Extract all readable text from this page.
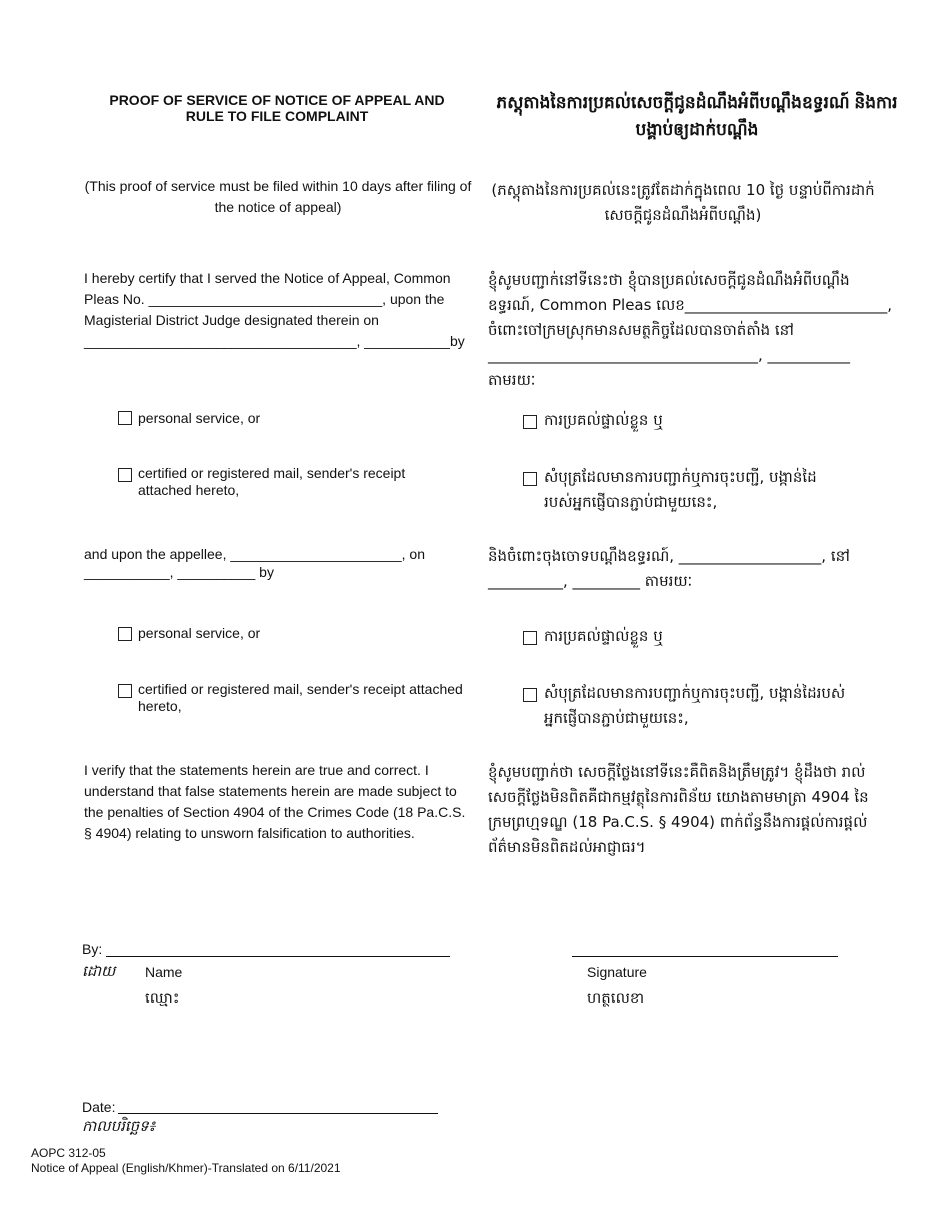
PROOF OF SERVICE OF NOTICE OF APPEAL AND RULE TO FILE COMPLAINT
ភស្តុតាងនៃការប្រគល់សេចក្តីជូនដំណឹងអំពីបណ្តឹងឧទ្ធរណ៍ និងការបង្គាប់ឲ្យដាក់បណ្តឹង
(This proof of service must be filed within 10 days after filing of the notice of appeal)
(ភស្តុតាងនៃការប្រគល់នេះត្រូវតែដាក់ក្នុងពេល 10 ថ្ងៃ បន្ទាប់ពីការដាក់សេចក្តីជូនដំណឹងអំពីបណ្តឹង)
I hereby certify that I served the Notice of Appeal, Common
Pleas No. ______________________________, upon the
Magisterial District Judge designated therein on
___________________________________, ___________by
ខ្ញុំសូមបញ្ជាក់នៅទីនេះថា ខ្ញុំបានប្រគល់សេចក្តីជូនដំណឹងអំពីបណ្តឹង
ឧទ្ធរណ៍, Common Pleas លេខ___________________________,
ចំពោះចៅក្រមស្រុកមានសមត្ថកិច្ចដែលបានចាត់តាំង នៅ
____________________________________, ___________
តាមរយៈ
personal service, or
certified or registered mail, sender's receipt
attached hereto,
ការប្រគល់ផ្ទាល់ខ្លួន ឬ
សំបុត្រដែលមានការបញ្ជាក់ឬការចុះបញ្ជី, បង្កាន់ដៃ
របស់អ្នកផ្ញើបានភ្ជាប់ជាមួយនេះ,
and upon the appellee, ______________________, on
___________, __________ by
និងចំពោះចុងចោទបណ្តឹងឧទ្ធរណ៍, ___________________, នៅ
__________, _________ តាមរយៈ
personal service, or
certified or registered mail, sender's receipt attached
hereto,
ការប្រគល់ផ្ទាល់ខ្លួន ឬ
សំបុត្រដែលមានការបញ្ជាក់ឬការចុះបញ្ជី, បង្កាន់ដៃរបស់
អ្នកផ្ញើបានភ្ជាប់ជាមួយនេះ,
I verify that the statements herein are true and correct. I
understand that false statements herein are made subject to
the penalties of Section 4904 of the Crimes Code (18 Pa.C.S.
§ 4904) relating to unsworn falsification to authorities.
ខ្ញុំសូមបញ្ជាក់ថា សេចក្តីថ្លែងនៅទីនេះគឺពិតនិងត្រឹមត្រូវ។ ខ្ញុំដឹងថា រាល់
សេចក្តីថ្លែងមិនពិតគឺជាកម្មវត្ថុនៃការពិន័យ យោងតាមមាត្រា 4904 នៃ
ក្រមព្រហ្មទណ្ឌ (18 Pa.C.S. § 4904) ពាក់ព័ន្ធនឹងការផ្តល់ការផ្តល់
ព័ត៌មានមិនពិតដល់អាជ្ញាធរ។
By:
ដោយ Name
ឈ្មោះ
Signature
ហត្ថលេខា
Date:
កាលបរិច្ឆេទ៖
AOPC 312-05
Notice of Appeal (English/Khmer)-Translated on 6/11/2021
